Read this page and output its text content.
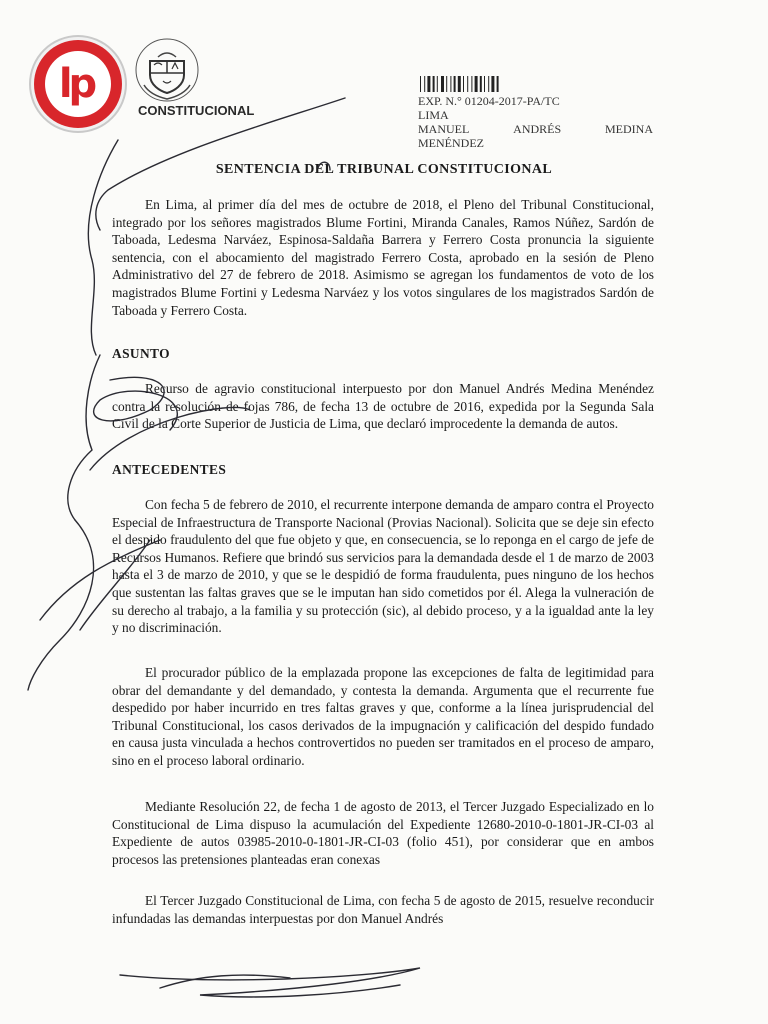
lp
CONSTITUCIONAL
EXP. N.° 01204-2017-PA/TC
LIMA
MANUEL	ANDRÉS	MEDINA
MENÉNDEZ
SENTENCIA DEL TRIBUNAL CONSTITUCIONAL

En Lima, al primer día del mes de octubre de 2018, el Pleno del Tribunal Constitucional, integrado por los señores magistrados Blume Fortini, Miranda Canales, Ramos Núñez, Sardón de Taboada, Ledesma Narváez, Espinosa-Saldaña Barrera y Ferrero Costa pronuncia la siguiente sentencia, con el abocamiento del magistrado Ferrero Costa, aprobado en la sesión de Pleno Administrativo del 27 de febrero de 2018. Asimismo se agregan los fundamentos de voto de los magistrados Blume Fortini y Ledesma Narváez y los votos singulares de los magistrados Sardón de Taboada y Ferrero Costa.

ASUNTO

Recurso de agravio constitucional interpuesto por don Manuel Andrés Medina Menéndez contra la resolución de fojas 786, de fecha 13 de octubre de 2016, expedida por la Segunda Sala Civil de la Corte Superior de Justicia de Lima, que declaró improcedente la demanda de autos.

ANTECEDENTES

Con fecha 5 de febrero de 2010, el recurrente interpone demanda de amparo contra el Proyecto Especial de Infraestructura de Transporte Nacional (Provias Nacional). Solicita que se deje sin efecto el despido fraudulento del que fue objeto y que, en consecuencia, se lo reponga en el cargo de jefe de Recursos Humanos. Refiere que brindó sus servicios para la demandada desde el 1 de marzo de 2003 hasta el 3 de marzo de 2010, y que se le despidió de forma fraudulenta, pues ninguno de los hechos que sustentan las faltas graves que se le imputan han sido cometidos por él. Alega la vulneración de su derecho al trabajo, a la familia y su protección (sic), al debido proceso, y a la igualdad ante la ley y no discriminación.

El procurador público de la emplazada propone las excepciones de falta de legitimidad para obrar del demandante y del demandado, y contesta la demanda. Argumenta que el recurrente fue despedido por haber incurrido en tres faltas graves y que, conforme a la línea jurisprudencial del Tribunal Constitucional, los casos derivados de la impugnación y calificación del despido fundado en causa justa vinculada a hechos controvertidos no pueden ser tramitados en el proceso de amparo, sino en el proceso laboral ordinario.

Mediante Resolución 22, de fecha 1 de agosto de 2013, el Tercer Juzgado Especializado en lo Constitucional de Lima dispuso la acumulación del Expediente 12680-2010-0-1801-JR-CI-03 al Expediente de autos 03985-2010-0-1801-JR-CI-03 (folio 451), por considerar que en ambos procesos las pretensiones planteadas eran conexas

El Tercer Juzgado Constitucional de Lima, con fecha 5 de agosto de 2015, resuelve reconducir infundadas las demandas interpuestas por don Manuel Andrés
